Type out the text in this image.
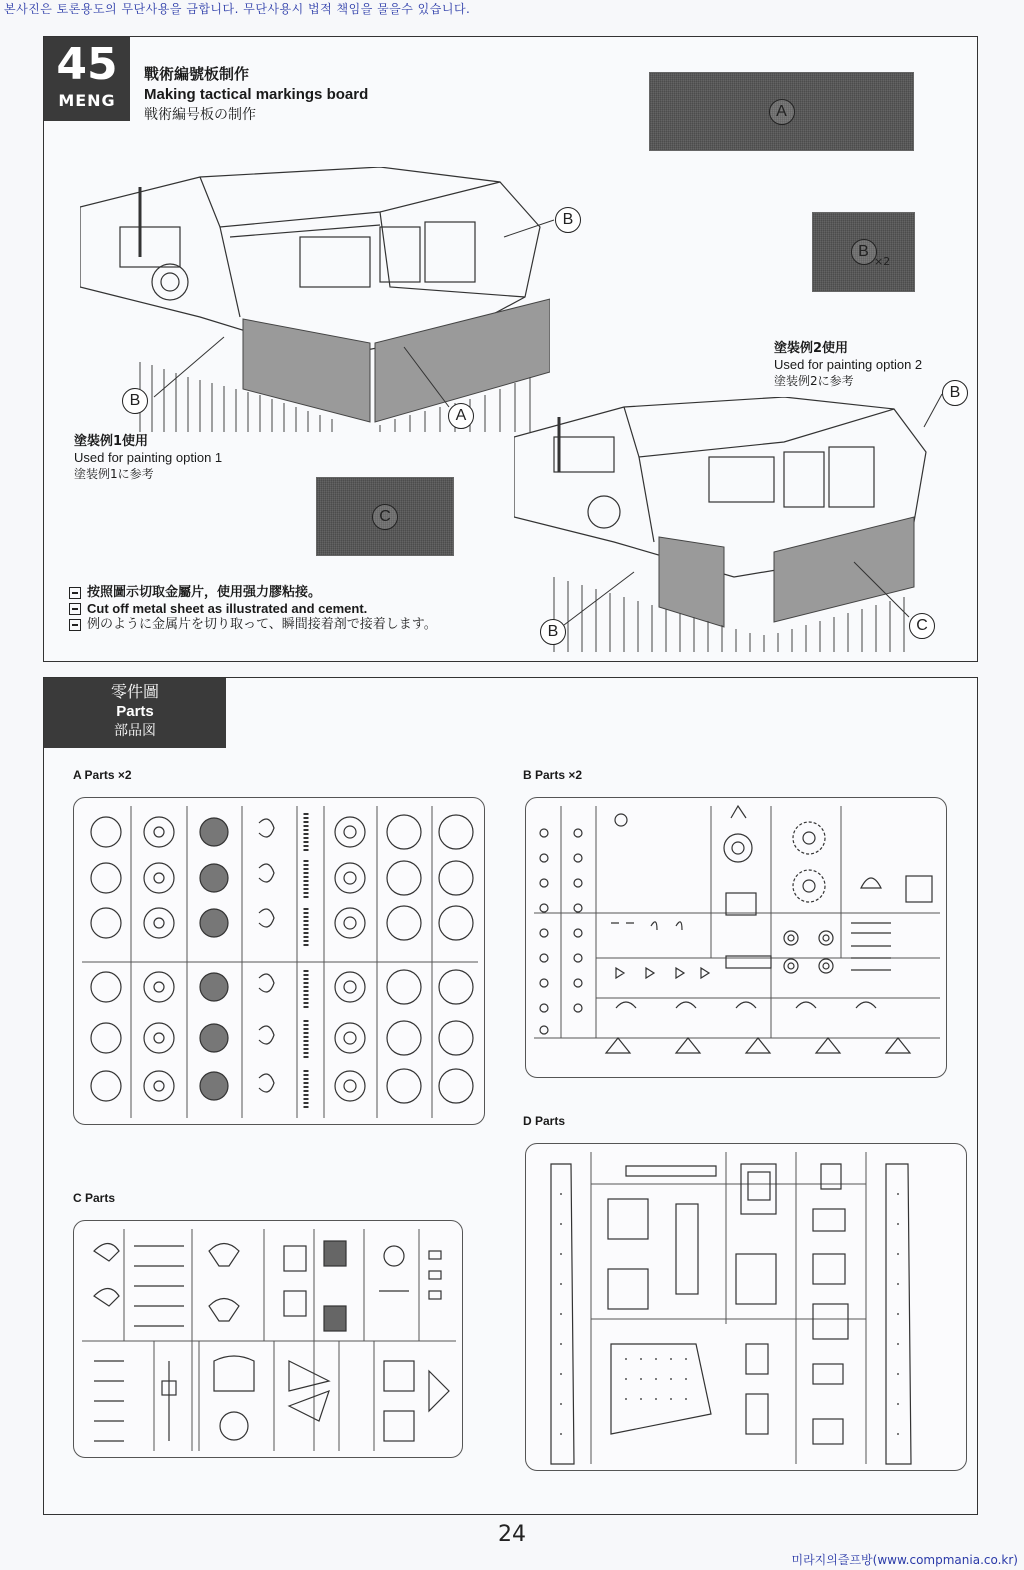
본사진은 토론용도의 무단사용을 금합니다. 무단사용시 법적 책임을 물을수 있습니다.
45
MENG
戰術編號板制作
Making tactical markings board
戦術編号板の制作	A
B
×2
C
B
B
A
B
B	C
塗裝例1使用
Used for painting option 1
塗装例1に参考
塗裝例2使用
Used for painting option 2
塗装例2に参考
按照圖示切取金屬片，使用强力膠粘接。
Cut off metal sheet as illustrated and cement.
例のように金属片を切り取って、瞬間接着剤で接着します。
零件圖
Parts
部品図
A Parts ×2	B Parts ×2
C Parts
D Parts
24
미라지의즐프방(www.compmania.co.kr)
